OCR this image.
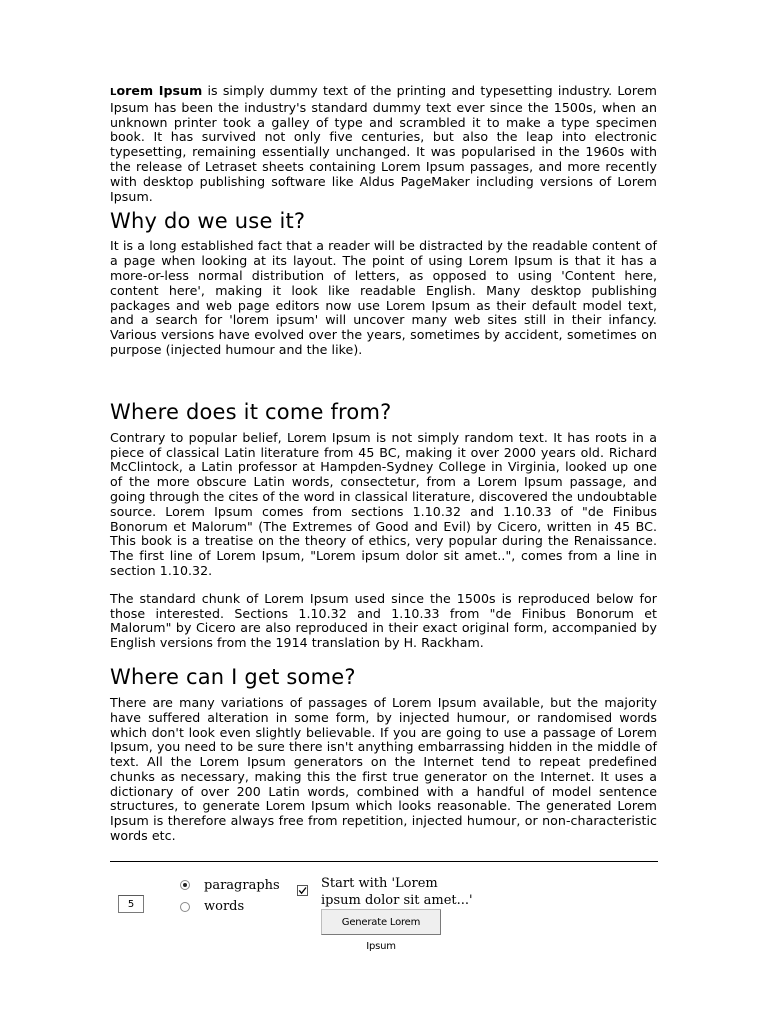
Lorem Ipsum is simply dummy text of the printing and typesetting industry. Lorem Ipsum has been the industry's standard dummy text ever since the 1500s, when an unknown printer took a galley of type and scrambled it to make a type specimen book. It has survived not only five centuries, but also the leap into electronic typesetting, remaining essentially unchanged. It was popularised in the 1960s with the release of Letraset sheets containing Lorem Ipsum passages, and more recently with desktop publishing software like Aldus PageMaker including versions of Lorem Ipsum.

Why do we use it?

It is a long established fact that a reader will be distracted by the readable content of a page when looking at its layout. The point of using Lorem Ipsum is that it has a more-or-less normal distribution of letters, as opposed to using 'Content here, content here', making it look like readable English. Many desktop publishing packages and web page editors now use Lorem Ipsum as their default model text, and a search for 'lorem ipsum' will uncover many web sites still in their infancy. Various versions have evolved over the years, sometimes by accident, sometimes on purpose (injected humour and the like).

Where does it come from?

Contrary to popular belief, Lorem Ipsum is not simply random text. It has roots in a piece of classical Latin literature from 45 BC, making it over 2000 years old. Richard McClintock, a Latin professor at Hampden-Sydney College in Virginia, looked up one of the more obscure Latin words, consectetur, from a Lorem Ipsum passage, and going through the cites of the word in classical literature, discovered the undoubtable source. Lorem Ipsum comes from sections 1.10.32 and 1.10.33 of "de Finibus Bonorum et Malorum" (The Extremes of Good and Evil) by Cicero, written in 45 BC. This book is a treatise on the theory of ethics, very popular during the Renaissance. The first line of Lorem Ipsum, "Lorem ipsum dolor sit amet..", comes from a line in section 1.10.32.

The standard chunk of Lorem Ipsum used since the 1500s is reproduced below for those interested. Sections 1.10.32 and 1.10.33 from "de Finibus Bonorum et Malorum" by Cicero are also reproduced in their exact original form, accompanied by English versions from the 1914 translation by H. Rackham.

Where can I get some?

There are many variations of passages of Lorem Ipsum available, but the majority have suffered alteration in some form, by injected humour, or randomised words which don't look even slightly believable. If you are going to use a passage of Lorem Ipsum, you need to be sure there isn't anything embarrassing hidden in the middle of text. All the Lorem Ipsum generators on the Internet tend to repeat predefined chunks as necessary, making this the first true generator on the Internet. It uses a dictionary of over 200 Latin words, combined with a handful of model sentence structures, to generate Lorem Ipsum which looks reasonable. The generated Lorem Ipsum is therefore always free from repetition, injected humour, or non-characteristic words etc.

5
paragraphs
words
Start with 'Lorem ipsum dolor sit amet...'
Generate Lorem Ipsum
